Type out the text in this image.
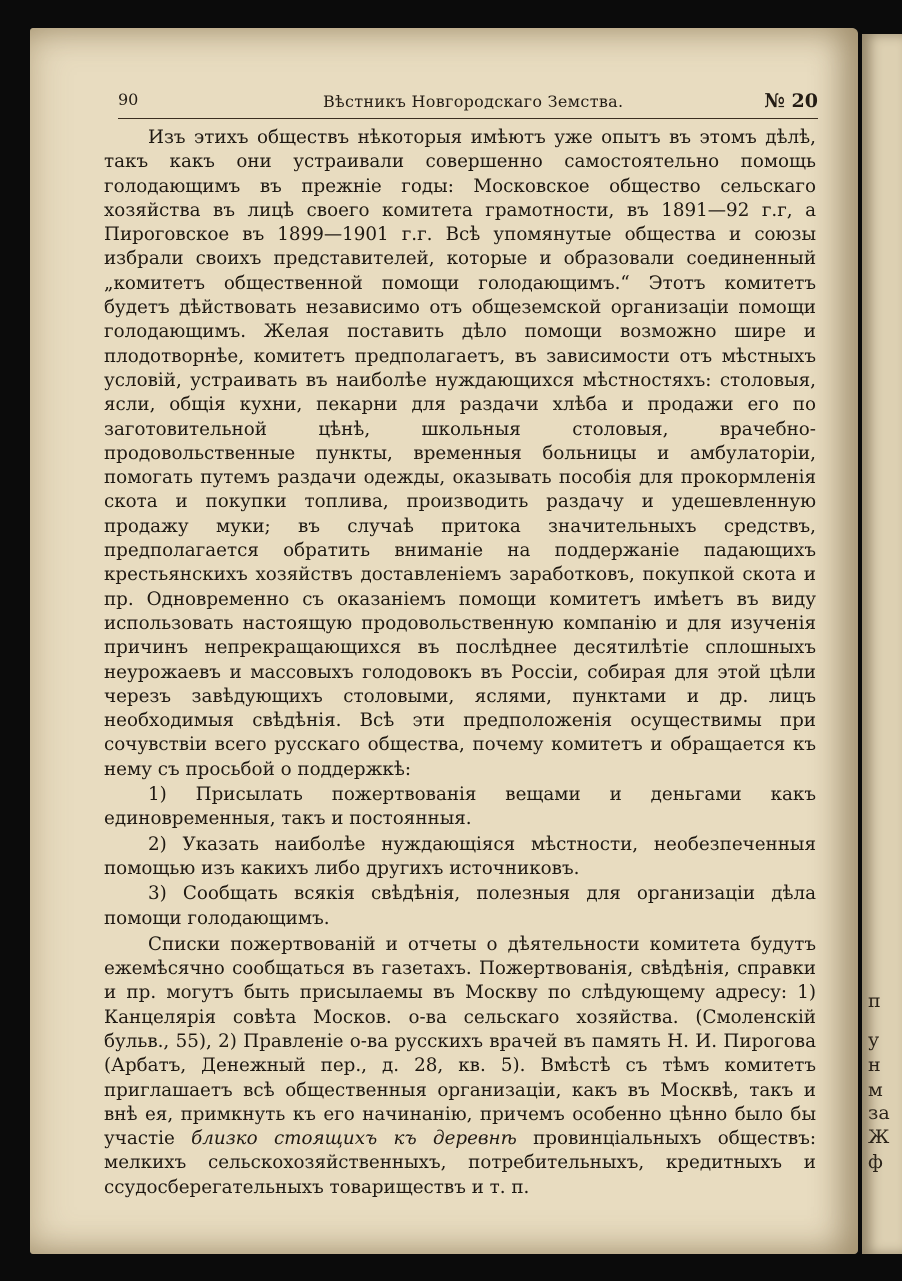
п
у
н
м
за
Ж
ф
90	Вѣстникъ Новгородскаго Земства.	№ 20

Изъ этихъ обществъ нѣкоторыя имѣютъ уже опытъ въ этомъ дѣлѣ, такъ какъ они устраивали совершенно самостоятельно помощь голодающимъ въ прежніе годы: Московское общество сельскаго хозяйства въ лицѣ своего комитета грамотности, въ 1891—92 г.г, а Пироговское въ 1899—1901 г.г. Всѣ упомянутые общества и союзы избрали своихъ представителей, которые и образовали соединенный „комитетъ общественной помощи голодающимъ.“ Этотъ комитетъ будетъ дѣйствовать независимо отъ общеземской организаціи помощи голодающимъ. Желая поставить дѣло помощи возможно шире и плодотворнѣе, комитетъ предполагаетъ, въ зависимости отъ мѣстныхъ условій, устраивать въ наиболѣе нуждающихся мѣстностяхъ: столовыя, ясли, общія кухни, пекарни для раздачи хлѣба и продажи его по заготовительной цѣнѣ, школьныя столовыя, врачебно-продовольственные пункты, временныя больницы и амбулаторіи, помогать путемъ раздачи одежды, оказывать пособія для прокормленія скота и покупки топлива, производить раздачу и удешевленную продажу муки; въ случаѣ притока значительныхъ средствъ, предполагается обратить вниманіе на поддержаніе падающихъ крестьянскихъ хозяйствъ доставленіемъ заработковъ, покупкой скота и пр. Одновременно съ оказаніемъ помощи комитетъ имѣетъ въ виду использовать настоящую продовольственную компанію и для изученія причинъ непрекращающихся въ послѣднее десятилѣтіе сплошныхъ неурожаевъ и массовыхъ голодовокъ въ Россіи, собирая для этой цѣли черезъ завѣдующихъ столовыми, яслями, пунктами и др. лицъ необходимыя свѣдѣнія. Всѣ эти предположенія осуществимы при сочувствіи всего русскаго общества, почему комитетъ и обращается къ нему съ просьбой о поддержкѣ:

1) Присылать пожертвованія вещами и деньгами какъ единовременныя, такъ и постоянныя.

2) Указать наиболѣе нуждающіяся мѣстности, необезпеченныя помощью изъ какихъ либо другихъ источниковъ.

3) Сообщать всякія свѣдѣнія, полезныя для организаціи дѣла помощи голодающимъ.

Списки пожертвованій и отчеты о дѣятельности комитета будутъ ежемѣсячно сообщаться въ газетахъ. Пожертвованія, свѣдѣнія, справки и пр. могутъ быть присылаемы въ Москву по слѣдующему адресу: 1) Канцелярія совѣта Москов. о-ва сельскаго хозяйства. (Смоленскій бульв., 55), 2) Правленіе о-ва русскихъ врачей въ память Н. И. Пирогова (Арбатъ, Денежный пер., д. 28, кв. 5). Вмѣстѣ съ тѣмъ комитетъ приглашаетъ всѣ общественныя организаціи, какъ въ Москвѣ, такъ и внѣ ея, примкнуть къ его начинанію, причемъ особенно цѣнно было бы участіе близко стоящихъ къ деревнѣ провинціальныхъ обществъ: мелкихъ сельскохозяйственныхъ, потребительныхъ, кредитныхъ и ссудосберегательныхъ товариществъ и т. п.
